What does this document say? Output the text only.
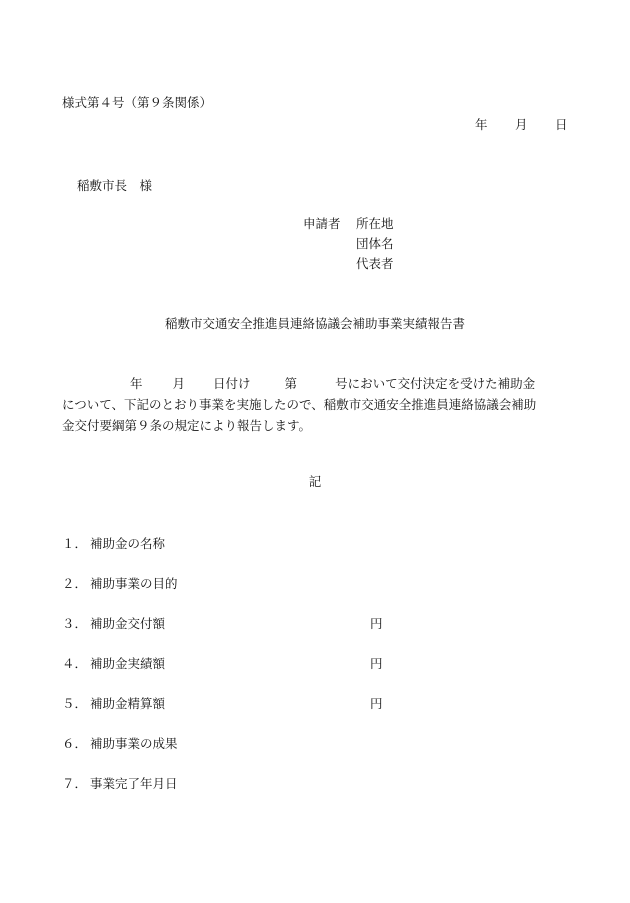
様式第４号（第９条関係）
年 月 日
稲敷市長　様
申請者 所在地
団体名
代表者
稲敷市交通安全推進員連絡協議会補助事業実績報告書
年 月 日付け	第	号において交付決定を受けた補助金
について、下記のとおり事業を実施したので、稲敷市交通安全推進員連絡協議会補助
金交付要綱第９条の規定により報告します。
記
１． 補助金の名称
２． 補助事業の目的
３． 補助金交付額	円
４． 補助金実績額	円
５． 補助金精算額	円
６． 補助事業の成果
７． 事業完了年月日
